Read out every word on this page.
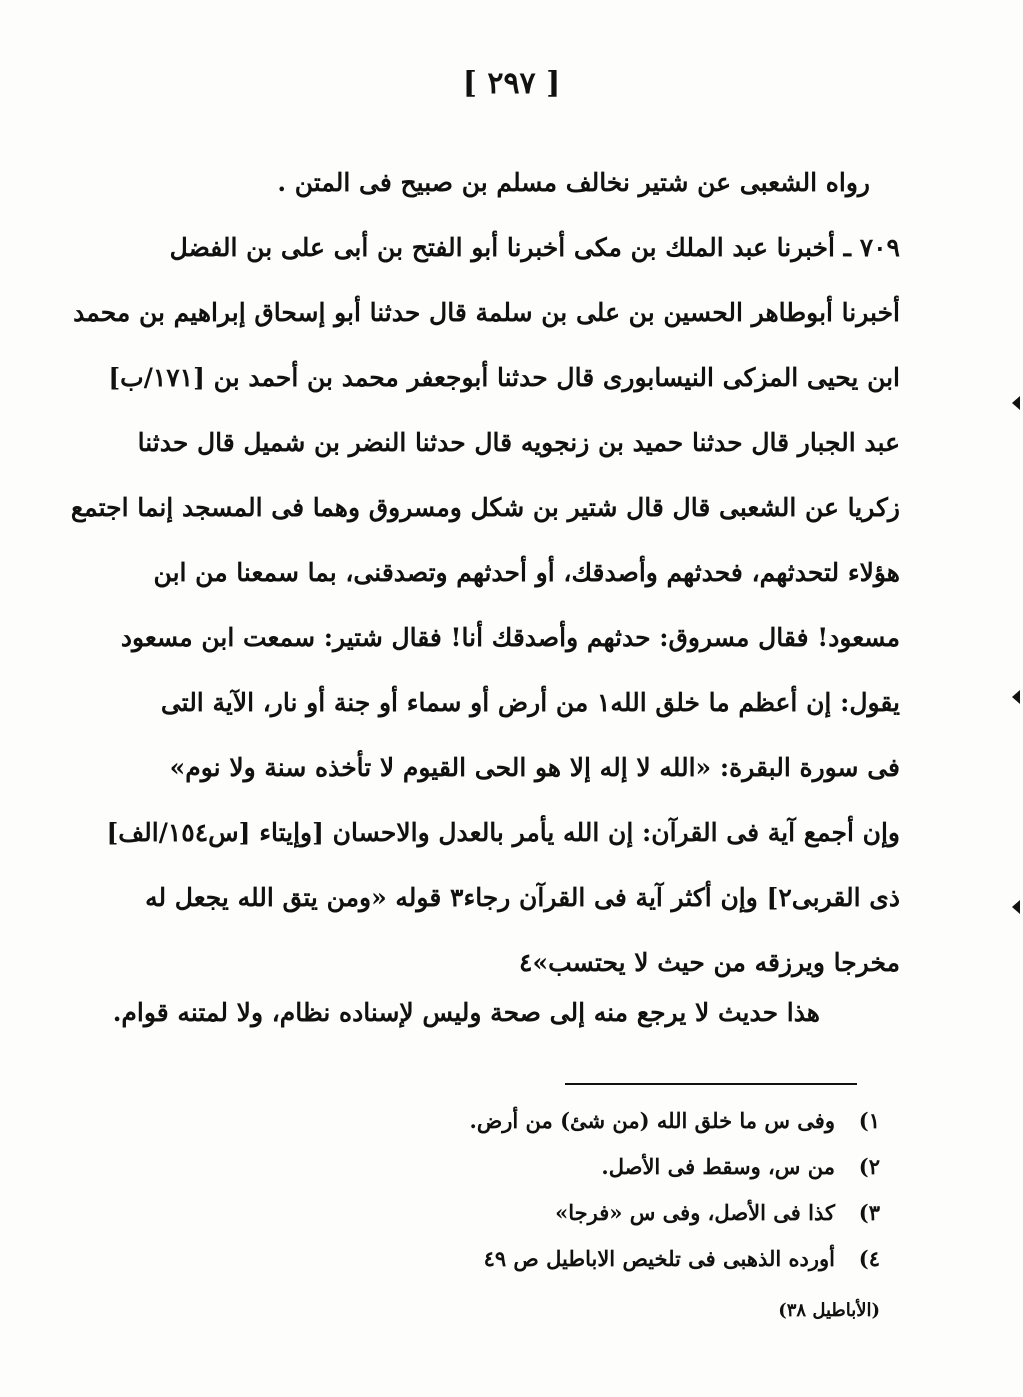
[ ٢٩٧ ]
رواه الشعبى عن شتير نخالف مسلم بن صبيح فى المتن .
٧٠٩ ـ أخبرنا عبد الملك بن مكى أخبرنا أبو الفتح بن أبى على بن الفضل
أخبرنا أبوطاهر الحسين بن على بن سلمة قال حدثنا أبو إسحاق إبراهيم بن محمد
ابن يحيى المزكى النيسابورى قال حدثنا أبوجعفر محمد بن أحمد بن [١٧١/ب]
عبد الجبار قال حدثنا حميد بن زنجويه قال حدثنا النضر بن شميل قال حدثنا
زكريا عن الشعبى قال قال شتير بن شكل ومسروق وهما فى المسجد إنما اجتمع
هؤلاء لتحدثهم، فحدثهم وأصدقك، أو أحدثهم وتصدقنى، بما سمعنا من ابن
مسعود! فقال مسروق: حدثهم وأصدقك أنا! فقال شتير: سمعت ابن مسعود
يقول: إن أعظم ما خلق الله١ من أرض أو سماء أو جنة أو نار، الآية التى
فى سورة البقرة: «الله لا إله إلا هو الحى القيوم لا تأخذه سنة ولا نوم»
وإن أجمع آية فى القرآن: إن الله يأمر بالعدل والاحسان [وإيتاء [س١٥٤/الف]
ذى القربى٢] وإن أكثر آية فى القرآن رجاء٣ قوله «ومن يتق الله يجعل له
مخرجا ويرزقه من حيث لا يحتسب»٤
هذا حديث لا يرجع منه إلى صحة وليس لإسناده نظام، ولا لمتنه قوام.
١)
وفى س ما خلق الله (من شئ) من أرض.
٢)
من س، وسقط فى الأصل.
٣)
كذا فى الأصل، وفى س «فرجا»
٤)
أورده الذهبى فى تلخيص الاباطيل ص ٤٩
(الأباطيل ٣٨)
